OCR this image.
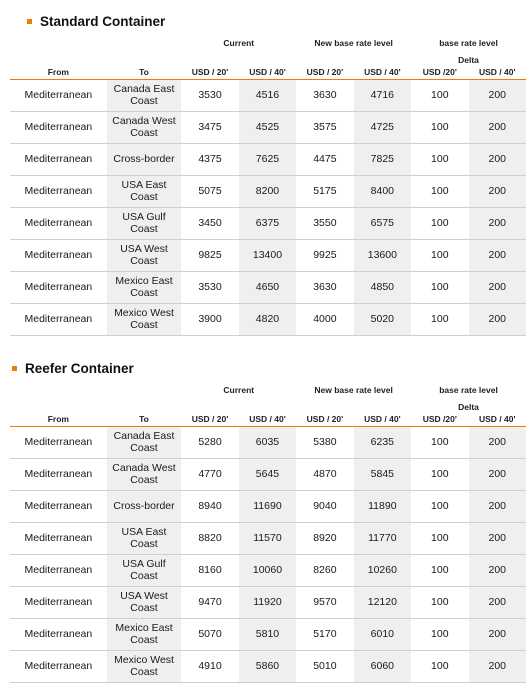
Standard Container
		Current		New base rate level		base rate level	
						Delta	
From	To	USD / 20'	USD / 40'	USD / 20'	USD / 40'	USD /20'	USD / 40'
Mediterranean	Canada East Coast	3530	4516	3630	4716	100	200
Mediterranean	Canada West Coast	3475	4525	3575	4725	100	200
Mediterranean	Cross-border	4375	7625	4475	7825	100	200
Mediterranean	USA East Coast	5075	8200	5175	8400	100	200
Mediterranean	USA Gulf Coast	3450	6375	3550	6575	100	200
Mediterranean	USA West Coast	9825	13400	9925	13600	100	200
Mediterranean	Mexico East Coast	3530	4650	3630	4850	100	200
Mediterranean	Mexico West Coast	3900	4820	4000	5020	100	200
Reefer Container
		Current		New base rate level		base rate level	
						Delta	
From	To	USD / 20'	USD / 40'	USD / 20'	USD / 40'	USD /20'	USD / 40'
Mediterranean	Canada East Coast	5280	6035	5380	6235	100	200
Mediterranean	Canada West Coast	4770	5645	4870	5845	100	200
Mediterranean	Cross-border	8940	11690	9040	11890	100	200
Mediterranean	USA East Coast	8820	11570	8920	11770	100	200
Mediterranean	USA Gulf Coast	8160	10060	8260	10260	100	200
Mediterranean	USA West Coast	9470	11920	9570	12120	100	200
Mediterranean	Mexico East Coast	5070	5810	5170	6010	100	200
Mediterranean	Mexico West Coast	4910	5860	5010	6060	100	200
